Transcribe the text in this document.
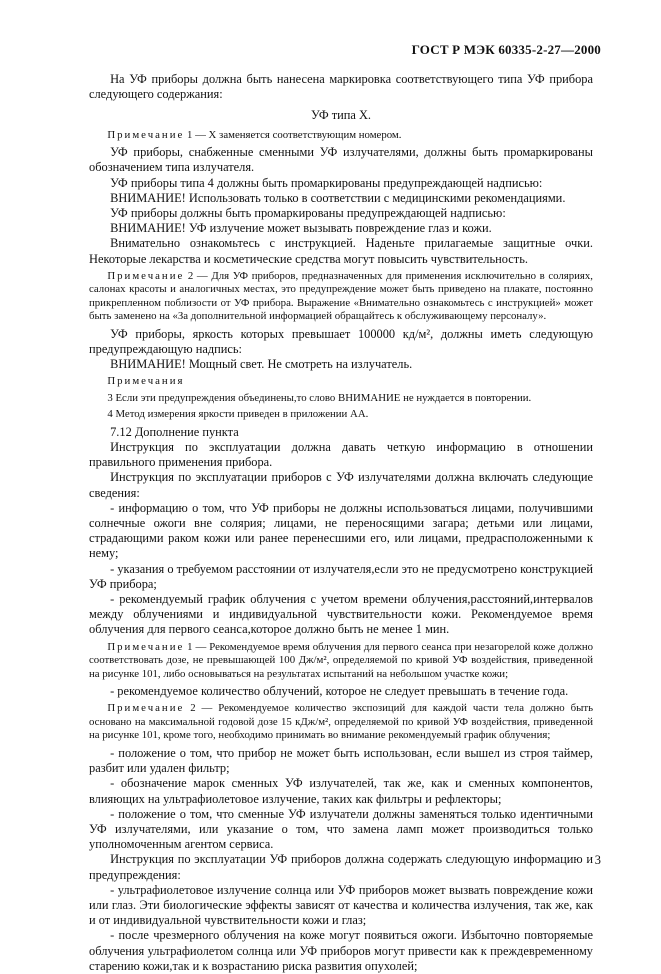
ГОСТ Р МЭК 60335-2-27—2000

На УФ приборы должна быть нанесена маркировка соответствующего типа УФ прибора следующего содержания:

УФ типа X.

Примечание 1 — X заменяется соответствующим номером.

УФ приборы, снабженные сменными УФ излучателями, должны быть промаркированы обозначением типа излучателя.

УФ приборы типа 4 должны быть промаркированы предупреждающей надписью:

ВНИМАНИЕ! Использовать только в соответствии с медицинскими рекомендациями.

УФ приборы должны быть промаркированы предупреждающей надписью:

ВНИМАНИЕ! УФ излучение может вызывать повреждение глаз и кожи.

Внимательно ознакомьтесь с инструкцией. Наденьте прилагаемые защитные очки. Некоторые лекарства и косметические средства могут повысить чувствительность.

Примечание 2 — Для УФ приборов, предназначенных для применения исключительно в соляриях, салонах красоты и аналогичных местах, это предупреждение может быть приведено на плакате, постоянно прикрепленном поблизости от УФ прибора. Выражение «Внимательно ознакомьтесь с инструкцией» может быть заменено на «За дополнительной информацией обращайтесь к обслуживающему персоналу».

УФ приборы, яркость которых превышает 100000 кд/м², должны иметь следующую предупреждающую надпись:

ВНИМАНИЕ! Мощный свет. Не смотреть на излучатель.

Примечания

3 Если эти предупреждения объединены,то слово ВНИМАНИЕ не нуждается в повторении.

4 Метод измерения яркости приведен в приложении АА.

7.12 Дополнение пункта

Инструкция по эксплуатации должна давать четкую информацию в отношении правильного применения прибора.

Инструкция по эксплуатации приборов с УФ излучателями должна включать следующие сведения:

- информацию о том, что УФ приборы не должны использоваться лицами, получившими солнечные ожоги вне солярия; лицами, не переносящими загара; детьми или лицами, страдающими раком кожи или ранее перенесшими его, или лицами, предрасположенными к нему;

- указания о требуемом расстоянии от излучателя,если это не предусмотрено конструкцией УФ прибора;

- рекомендуемый график облучения с учетом времени облучения,расстояний,интервалов между облучениями и индивидуальной чувствительности кожи. Рекомендуемое время облучения для первого сеанса,которое должно быть не менее 1 мин.

Примечание 1 — Рекомендуемое время облучения для первого сеанса при незагорелой коже должно соответствовать дозе, не превышающей 100 Дж/м², определяемой по кривой УФ воздействия, приведенной на рисунке 101, либо основываться на результатах испытаний на небольшом участке кожи;

- рекомендуемое количество облучений, которое не следует превышать в течение года.

Примечание 2 — Рекомендуемое количество экспозиций для каждой части тела должно быть основано на максимальной годовой дозе 15 кДж/м², определяемой по кривой УФ воздействия, приведенной на рисунке 101, кроме того, необходимо принимать во внимание рекомендуемый график облучения;

- положение о том, что прибор не может быть использован, если вышел из строя таймер, разбит или удален фильтр;

- обозначение марок сменных УФ излучателей, так же, как и сменных компонентов, влияющих на ультрафиолетовое излучение, таких как фильтры и рефлекторы;

- положение о том, что сменные УФ излучатели должны заменяться только идентичными УФ излучателями, или указание о том, что замена ламп может производиться только уполномоченным агентом сервиса.

Инструкция по эксплуатации УФ приборов должна содержать следующую информацию и предупреждения:

- ультрафиолетовое излучение солнца или УФ приборов может вызвать повреждение кожи или глаз. Эти биологические эффекты зависят от качества и количества излучения, так же, как и от индивидуальной чувствительности кожи и глаз;

- после чрезмерного облучения на коже могут появиться ожоги. Избыточно повторяемые облучения ультрафиолетом солнца или УФ приборов могут привести как к преждевременному старению кожи,так и к возрастанию риска развития опухолей;

3
